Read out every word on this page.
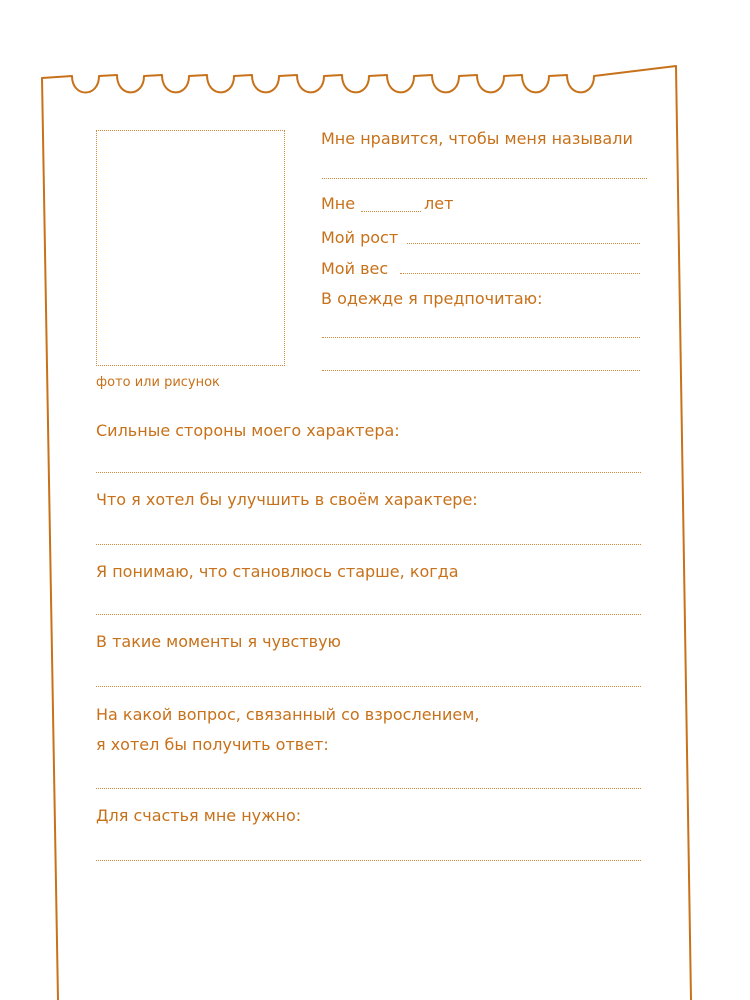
фото или рисунок
Мне нравится, чтобы меня называли
Мне	лет
Мой рост
Мой вес
В одежде я предпочитаю:
Сильные стороны моего характера:
Что я хотел бы улучшить в своём характере:
Я понимаю, что становлюсь старше, когда
В такие моменты я чувствую
На какой вопрос, связанный со взрослением,
я хотел бы получить ответ:
Для счастья мне нужно:
